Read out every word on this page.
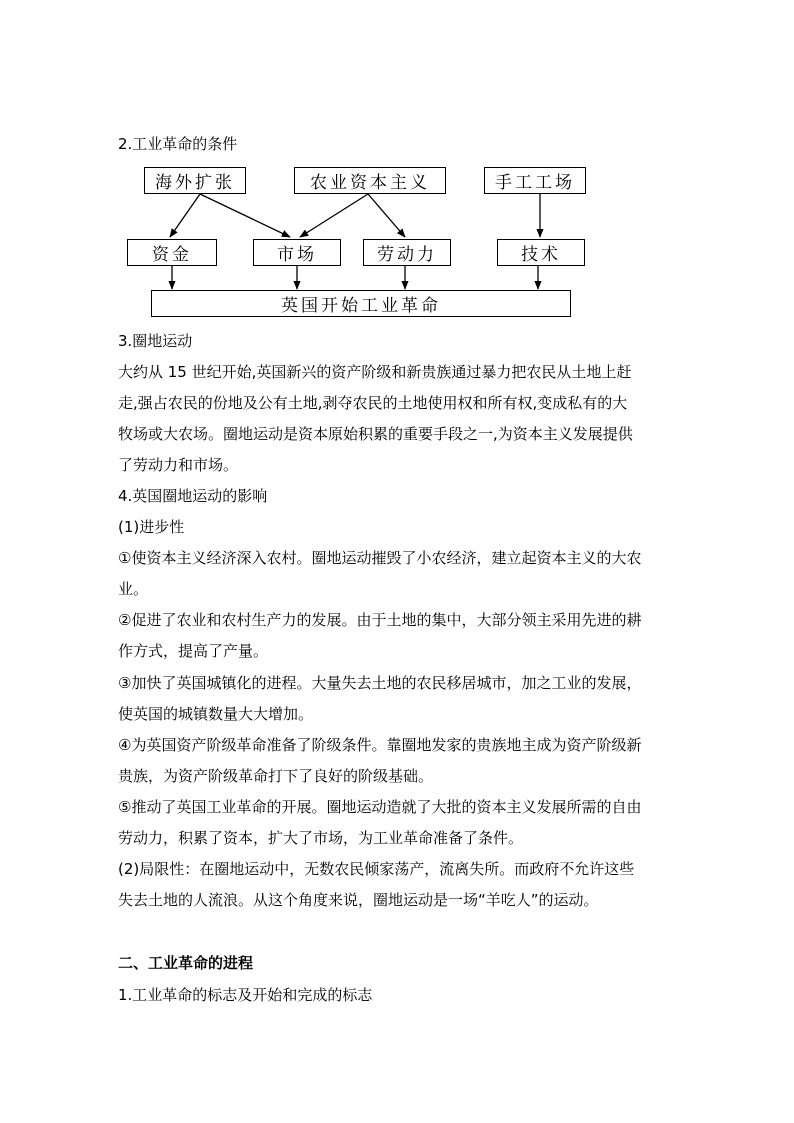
2.工业革命的条件
海外扩张	农业资本主义	手工工场
资金	市场	劳动力	技术
英国开始工业革命
3.圈地运动
大约从 15 世纪开始,英国新兴的资产阶级和新贵族通过暴力把农民从土地上赶
走,强占农民的份地及公有土地,剥夺农民的土地使用权和所有权,变成私有的大
牧场或大农场。圈地运动是资本原始积累的重要手段之一,为资本主义发展提供
了劳动力和市场。
4.英国圈地运动的影响
(1)进步性
①使资本主义经济深入农村。圈地运动摧毁了小农经济，建立起资本主义的大农
业。
②促进了农业和农村生产力的发展。由于土地的集中，大部分领主采用先进的耕
作方式，提高了产量。
③加快了英国城镇化的进程。大量失去土地的农民移居城市，加之工业的发展，
使英国的城镇数量大大增加。
④为英国资产阶级革命准备了阶级条件。靠圈地发家的贵族地主成为资产阶级新
贵族，为资产阶级革命打下了良好的阶级基础。
⑤推动了英国工业革命的开展。圈地运动造就了大批的资本主义发展所需的自由
劳动力，积累了资本，扩大了市场，为工业革命准备了条件。
(2)局限性：在圈地运动中，无数农民倾家荡产，流离失所。而政府不允许这些
失去土地的人流浪。从这个角度来说，圈地运动是一场“羊吃人”的运动。
二、工业革命的进程
1.工业革命的标志及开始和完成的标志
